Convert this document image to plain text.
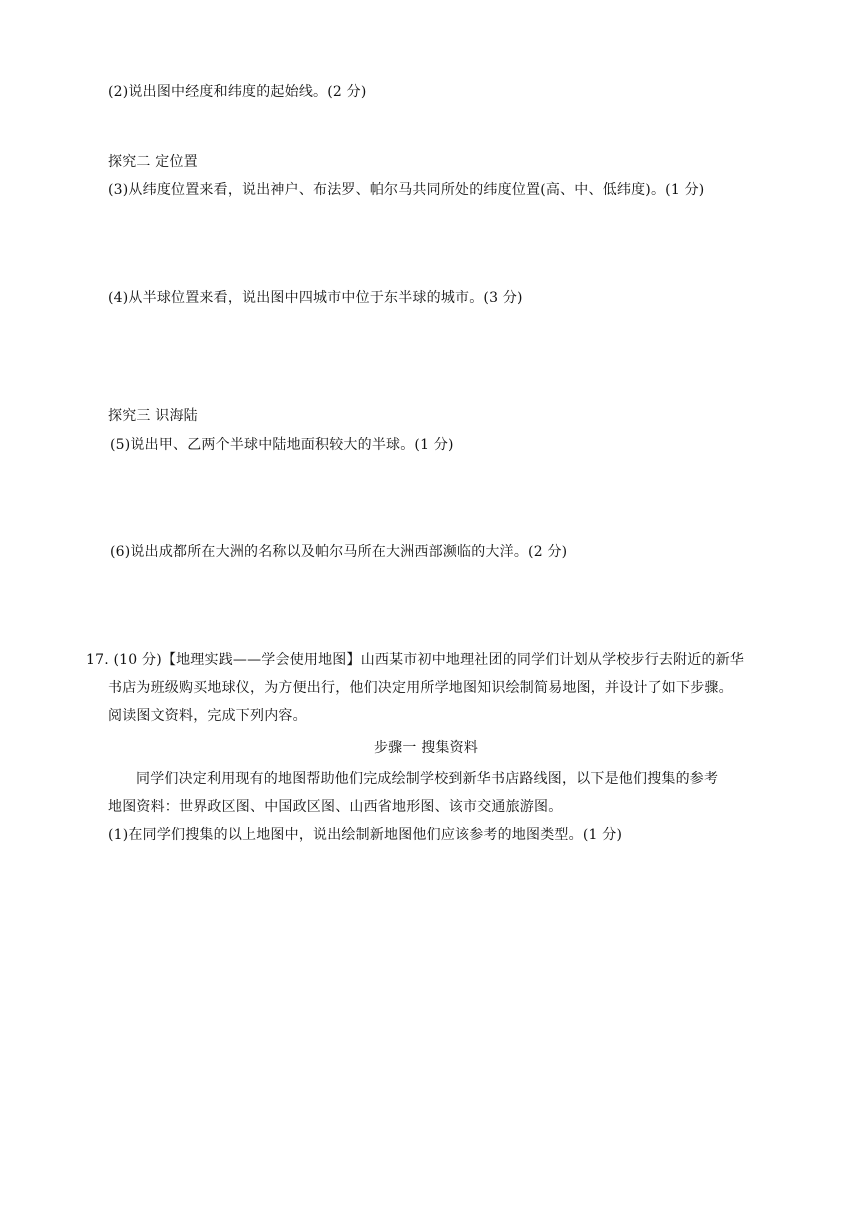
(2)说出图中经度和纬度的起始线。(2 分)
探究二 定位置
(3)从纬度位置来看，说出神户、布法罗、帕尔马共同所处的纬度位置(高、中、低纬度)。(1 分)
(4)从半球位置来看，说出图中四城市中位于东半球的城市。(3 分)
探究三 识海陆
(5)说出甲、乙两个半球中陆地面积较大的半球。(1 分)
(6)说出成都所在大洲的名称以及帕尔马所在大洲西部濒临的大洋。(2 分)
17. (10 分)【地理实践——学会使用地图】山西某市初中地理社团的同学们计划从学校步行去附近的新华
书店为班级购买地球仪，为方便出行，他们决定用所学地图知识绘制简易地图，并设计了如下步骤。
阅读图文资料，完成下列内容。
步骤一 搜集资料
同学们决定利用现有的地图帮助他们完成绘制学校到新华书店路线图，以下是他们搜集的参考
地图资料：世界政区图、中国政区图、山西省地形图、该市交通旅游图。
(1)在同学们搜集的以上地图中，说出绘制新地图他们应该参考的地图类型。(1 分)
